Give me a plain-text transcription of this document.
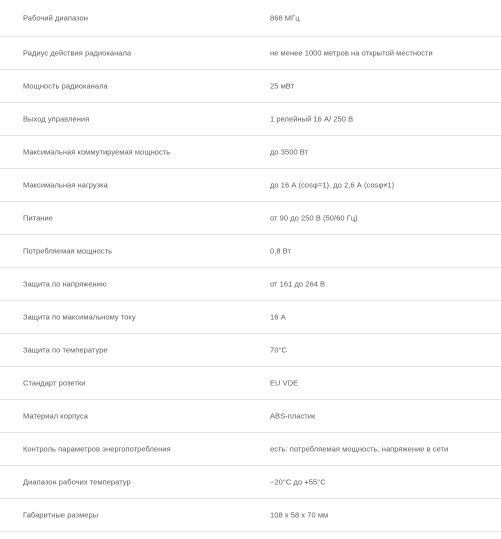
Рабочий диапазон	868 МГц
Радиус действия радиоканала	не менее 1000 метров на открытой местности
Мощность радиоканала	25 мВт
Выход управления	1 релейный 16 А/ 250 В
Максимальная коммутируемая мощность	до 3500 Вт
Максимальная нагрузка	до 16 А (cosφ=1), до 2,6 А (cosφ≠1)
Питание	от 90 до 250 В (50/60 Гц)
Потребляемая мощность	0,8 Вт
Защита по напряжению	от 161 до 264 В
Защита по максимальному току	16 А
Защита по температуре	70°С
Стандарт розетки	EU VDE
Материал корпуса	ABS-пластик
Контроль параметров энергопотребления	есть: потребляемая мощность, напряжение в сети
Диапазон рабочих температур	−20°С до +55°С
Габаритные размеры	108 х 58 х 70 мм
